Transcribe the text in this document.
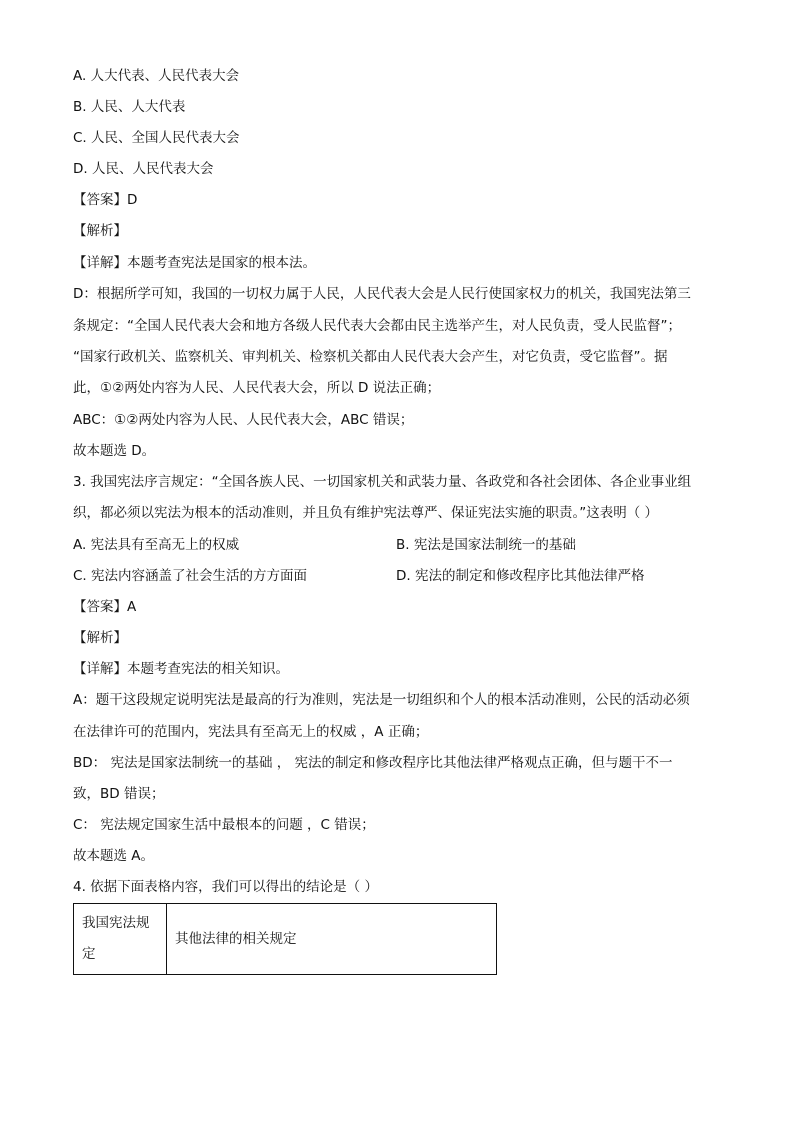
A. 人大代表、人民代表大会
B. 人民、人大代表
C. 人民、全国人民代表大会
D. 人民、人民代表大会
【答案】D
【解析】
【详解】本题考查宪法是国家的根本法。
D：根据所学可知，我国的一切权力属于人民，人民代表大会是人民行使国家权力的机关，我国宪法第三
条规定：“全国人民代表大会和地方各级人民代表大会都由民主选举产生，对人民负责，受人民监督”；
“国家行政机关、监察机关、审判机关、检察机关都由人民代表大会产生，对它负责，受它监督”。据
此，①②两处内容为人民、人民代表大会，所以 D 说法正确；
ABC：①②两处内容为人民、人民代表大会，ABC 错误；
故本题选 D。
3. 我国宪法序言规定：“全国各族人民、一切国家机关和武装力量、各政党和各社会团体、各企业事业组
织，都必须以宪法为根本的活动准则，并且负有维护宪法尊严、保证宪法实施的职责。”这表明（ ）
A. 宪法具有至高无上的权威	B. 宪法是国家法制统一的基础
C. 宪法内容涵盖了社会生活的方方面面	D. 宪法的制定和修改程序比其他法律严格
【答案】A
【解析】
【详解】本题考查宪法的相关知识。
A：题干这段规定说明宪法是最高的行为准则，宪法是一切组织和个人的根本活动准则，公民的活动必须
在法律许可的范围内，宪法具有至高无上的权威 ，A 正确；
BD： 宪法是国家法制统一的基础 ， 宪法的制定和修改程序比其他法律严格观点正确，但与题干不一
致，BD 错误；
C： 宪法规定国家生活中最根本的问题 ，C 错误；
故本题选 A。
4. 依据下面表格内容，我们可以得出的结论是（ ）
我国宪法规定	其他法律的相关规定
